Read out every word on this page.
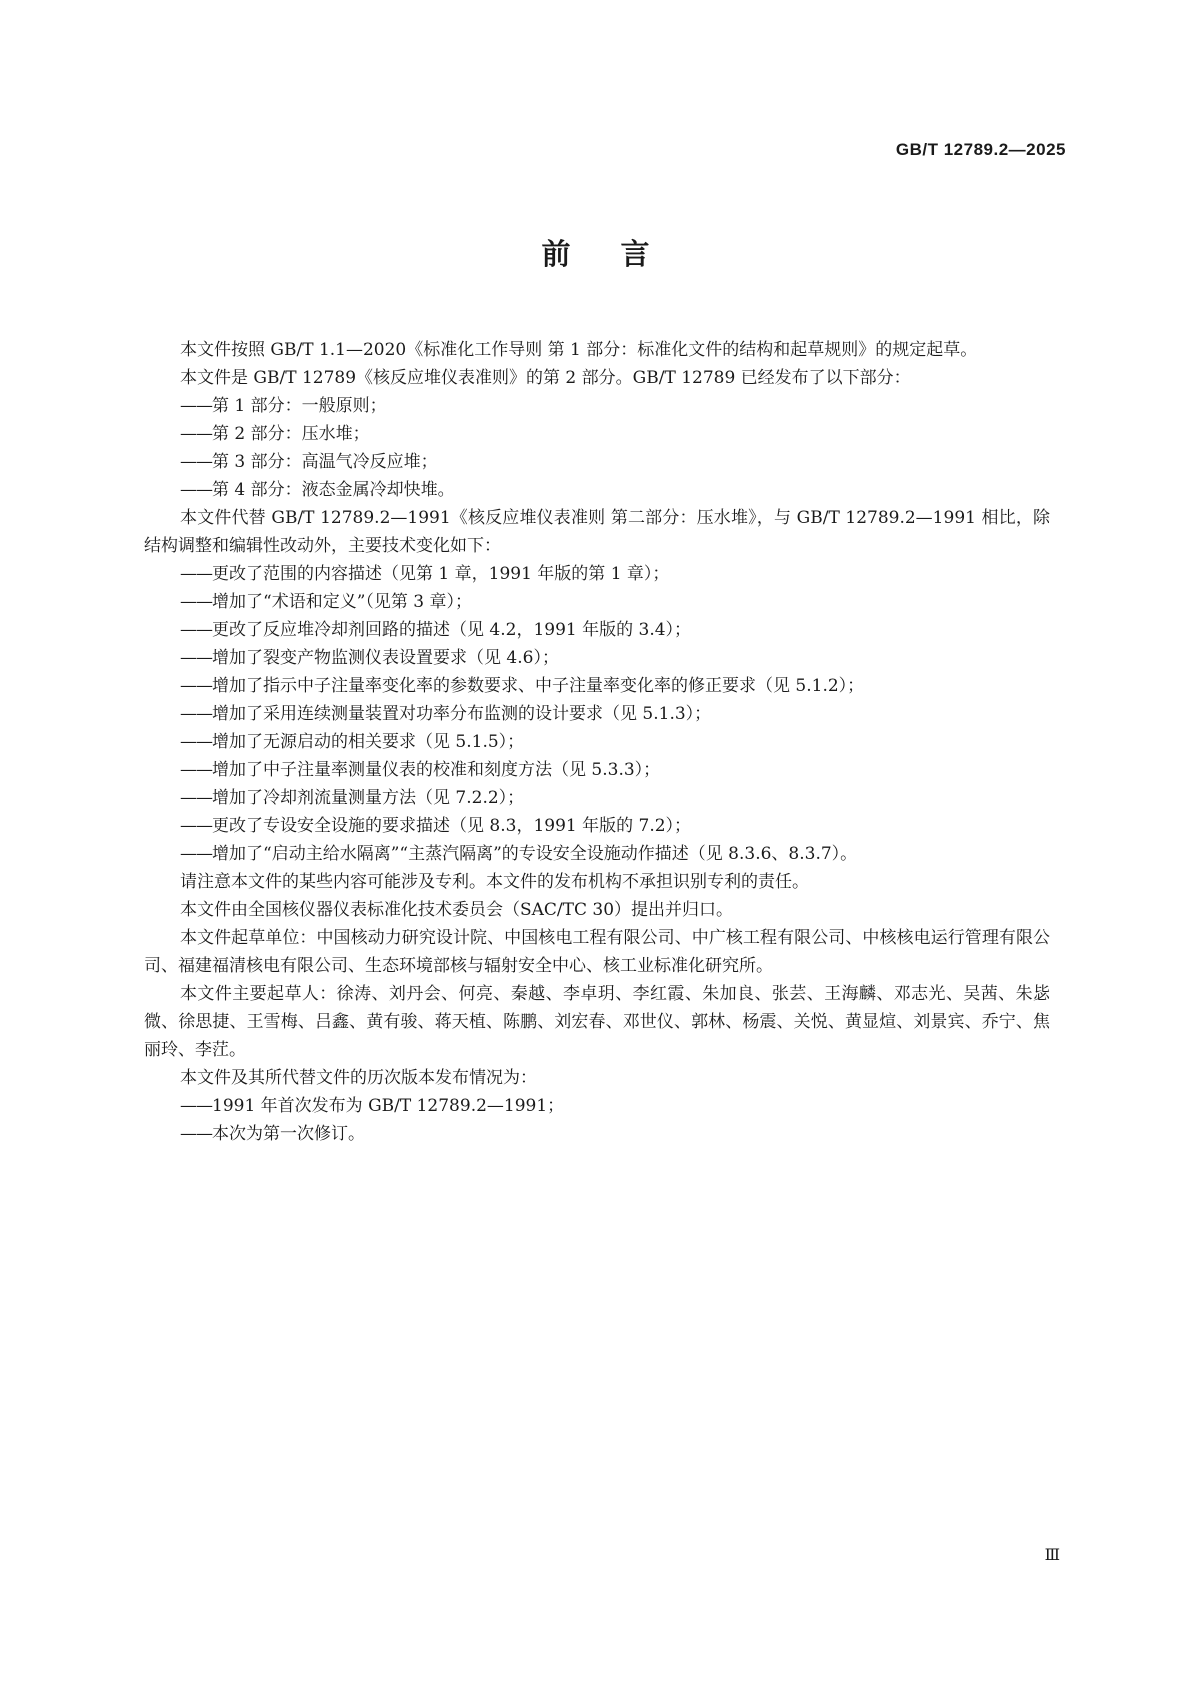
GB/T 12789.2—2025
前言

本文件按照 GB/T 1.1—2020《标准化工作导则 第 1 部分：标准化文件的结构和起草规则》的规定起草。

本文件是 GB/T 12789《核反应堆仪表准则》的第 2 部分。GB/T 12789 已经发布了以下部分：

——第 1 部分：一般原则；

——第 2 部分：压水堆；

——第 3 部分：高温气冷反应堆；

——第 4 部分：液态金属冷却快堆。

本文件代替 GB/T 12789.2—1991《核反应堆仪表准则 第二部分：压水堆》，与 GB/T 12789.2—1991 相比，除结构调整和编辑性改动外，主要技术变化如下：

——更改了范围的内容描述（见第 1 章，1991 年版的第 1 章）；

——增加了“术语和定义”（见第 3 章）；

——更改了反应堆冷却剂回路的描述（见 4.2，1991 年版的 3.4）；

——增加了裂变产物监测仪表设置要求（见 4.6）；

——增加了指示中子注量率变化率的参数要求、中子注量率变化率的修正要求（见 5.1.2）；

——增加了采用连续测量装置对功率分布监测的设计要求（见 5.1.3）；

——增加了无源启动的相关要求（见 5.1.5）；

——增加了中子注量率测量仪表的校准和刻度方法（见 5.3.3）；

——增加了冷却剂流量测量方法（见 7.2.2）；

——更改了专设安全设施的要求描述（见 8.3，1991 年版的 7.2）；

——增加了“启动主给水隔离”“主蒸汽隔离”的专设安全设施动作描述（见 8.3.6、8.3.7）。

请注意本文件的某些内容可能涉及专利。本文件的发布机构不承担识别专利的责任。

本文件由全国核仪器仪表标准化技术委员会（SAC/TC 30）提出并归口。

本文件起草单位：中国核动力研究设计院、中国核电工程有限公司、中广核工程有限公司、中核核电运行管理有限公司、福建福清核电有限公司、生态环境部核与辐射安全中心、核工业标准化研究所。

本文件主要起草人：徐涛、刘丹会、何亮、秦越、李卓玥、李红霞、朱加良、张芸、王海麟、邓志光、吴茜、朱毖微、徐思捷、王雪梅、吕鑫、黄有骏、蒋天植、陈鹏、刘宏春、邓世仪、郭林、杨震、关悦、黄显煊、刘景宾、乔宁、焦丽玲、李茳。

本文件及其所代替文件的历次版本发布情况为：

——1991 年首次发布为 GB/T 12789.2—1991；

——本次为第一次修订。

Ⅲ
